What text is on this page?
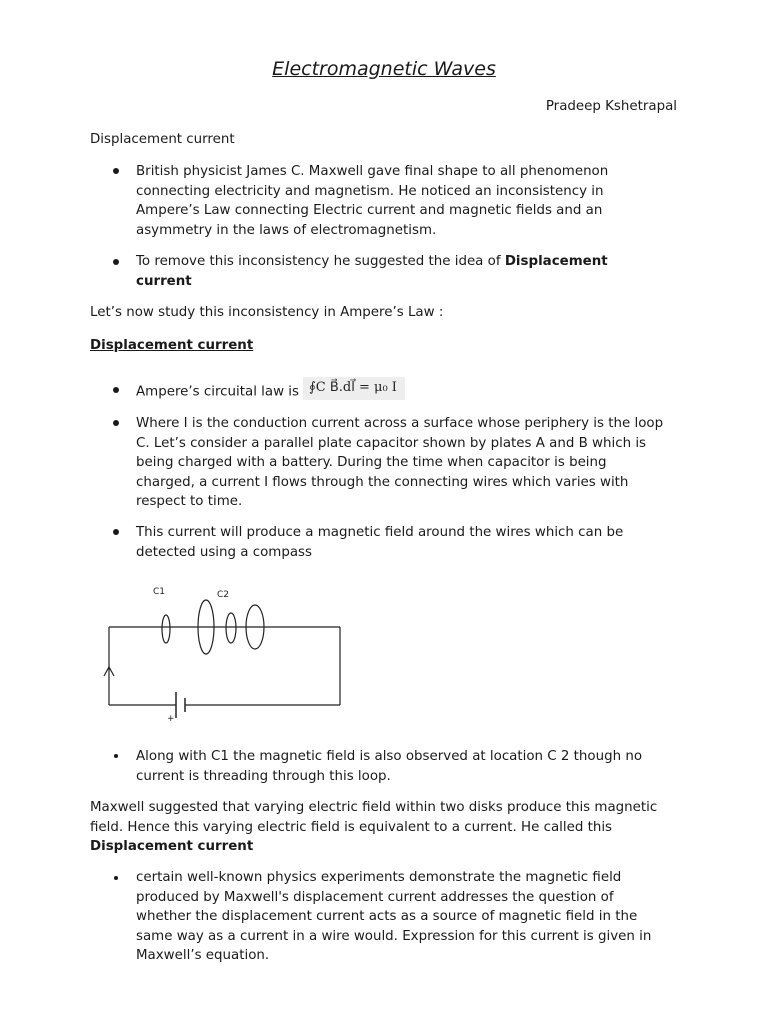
Electromagnetic Waves
Pradeep Kshetrapal
Displacement current
British physicist James C. Maxwell gave final shape to all phenomenon connecting electricity and magnetism. He noticed an inconsistency in Ampere’s Law connecting Electric current and magnetic fields and an asymmetry in the laws of electromagnetism.
To remove this inconsistency he suggested the idea of Displacement current
Let’s now study this inconsistency in Ampere’s Law :
Displacement current
Ampere’s circuital law is ∮C B⃗.dl⃗ = μ₀ I
Where I is the conduction current across a surface whose periphery is the loop C. Let’s consider a parallel plate capacitor shown by plates A and B which is being charged with a battery. During the time when capacitor is being charged, a current I flows through the connecting wires which varies with respect to time.
This current will produce a magnetic field around the wires which can be detected using a compass
C1	C2
+
Along with C1 the magnetic field is also observed at location C 2 though no current is threading through this loop.
Maxwell suggested that varying electric field within two disks produce this magnetic field. Hence this varying electric field is equivalent to a current. He called this
Displacement current
certain well-known physics experiments demonstrate the magnetic field produced by Maxwell's displacement current addresses the question of whether the displacement current acts as a source of magnetic field in the same way as a current in a wire would. Expression for this current is given in Maxwell’s equation.
